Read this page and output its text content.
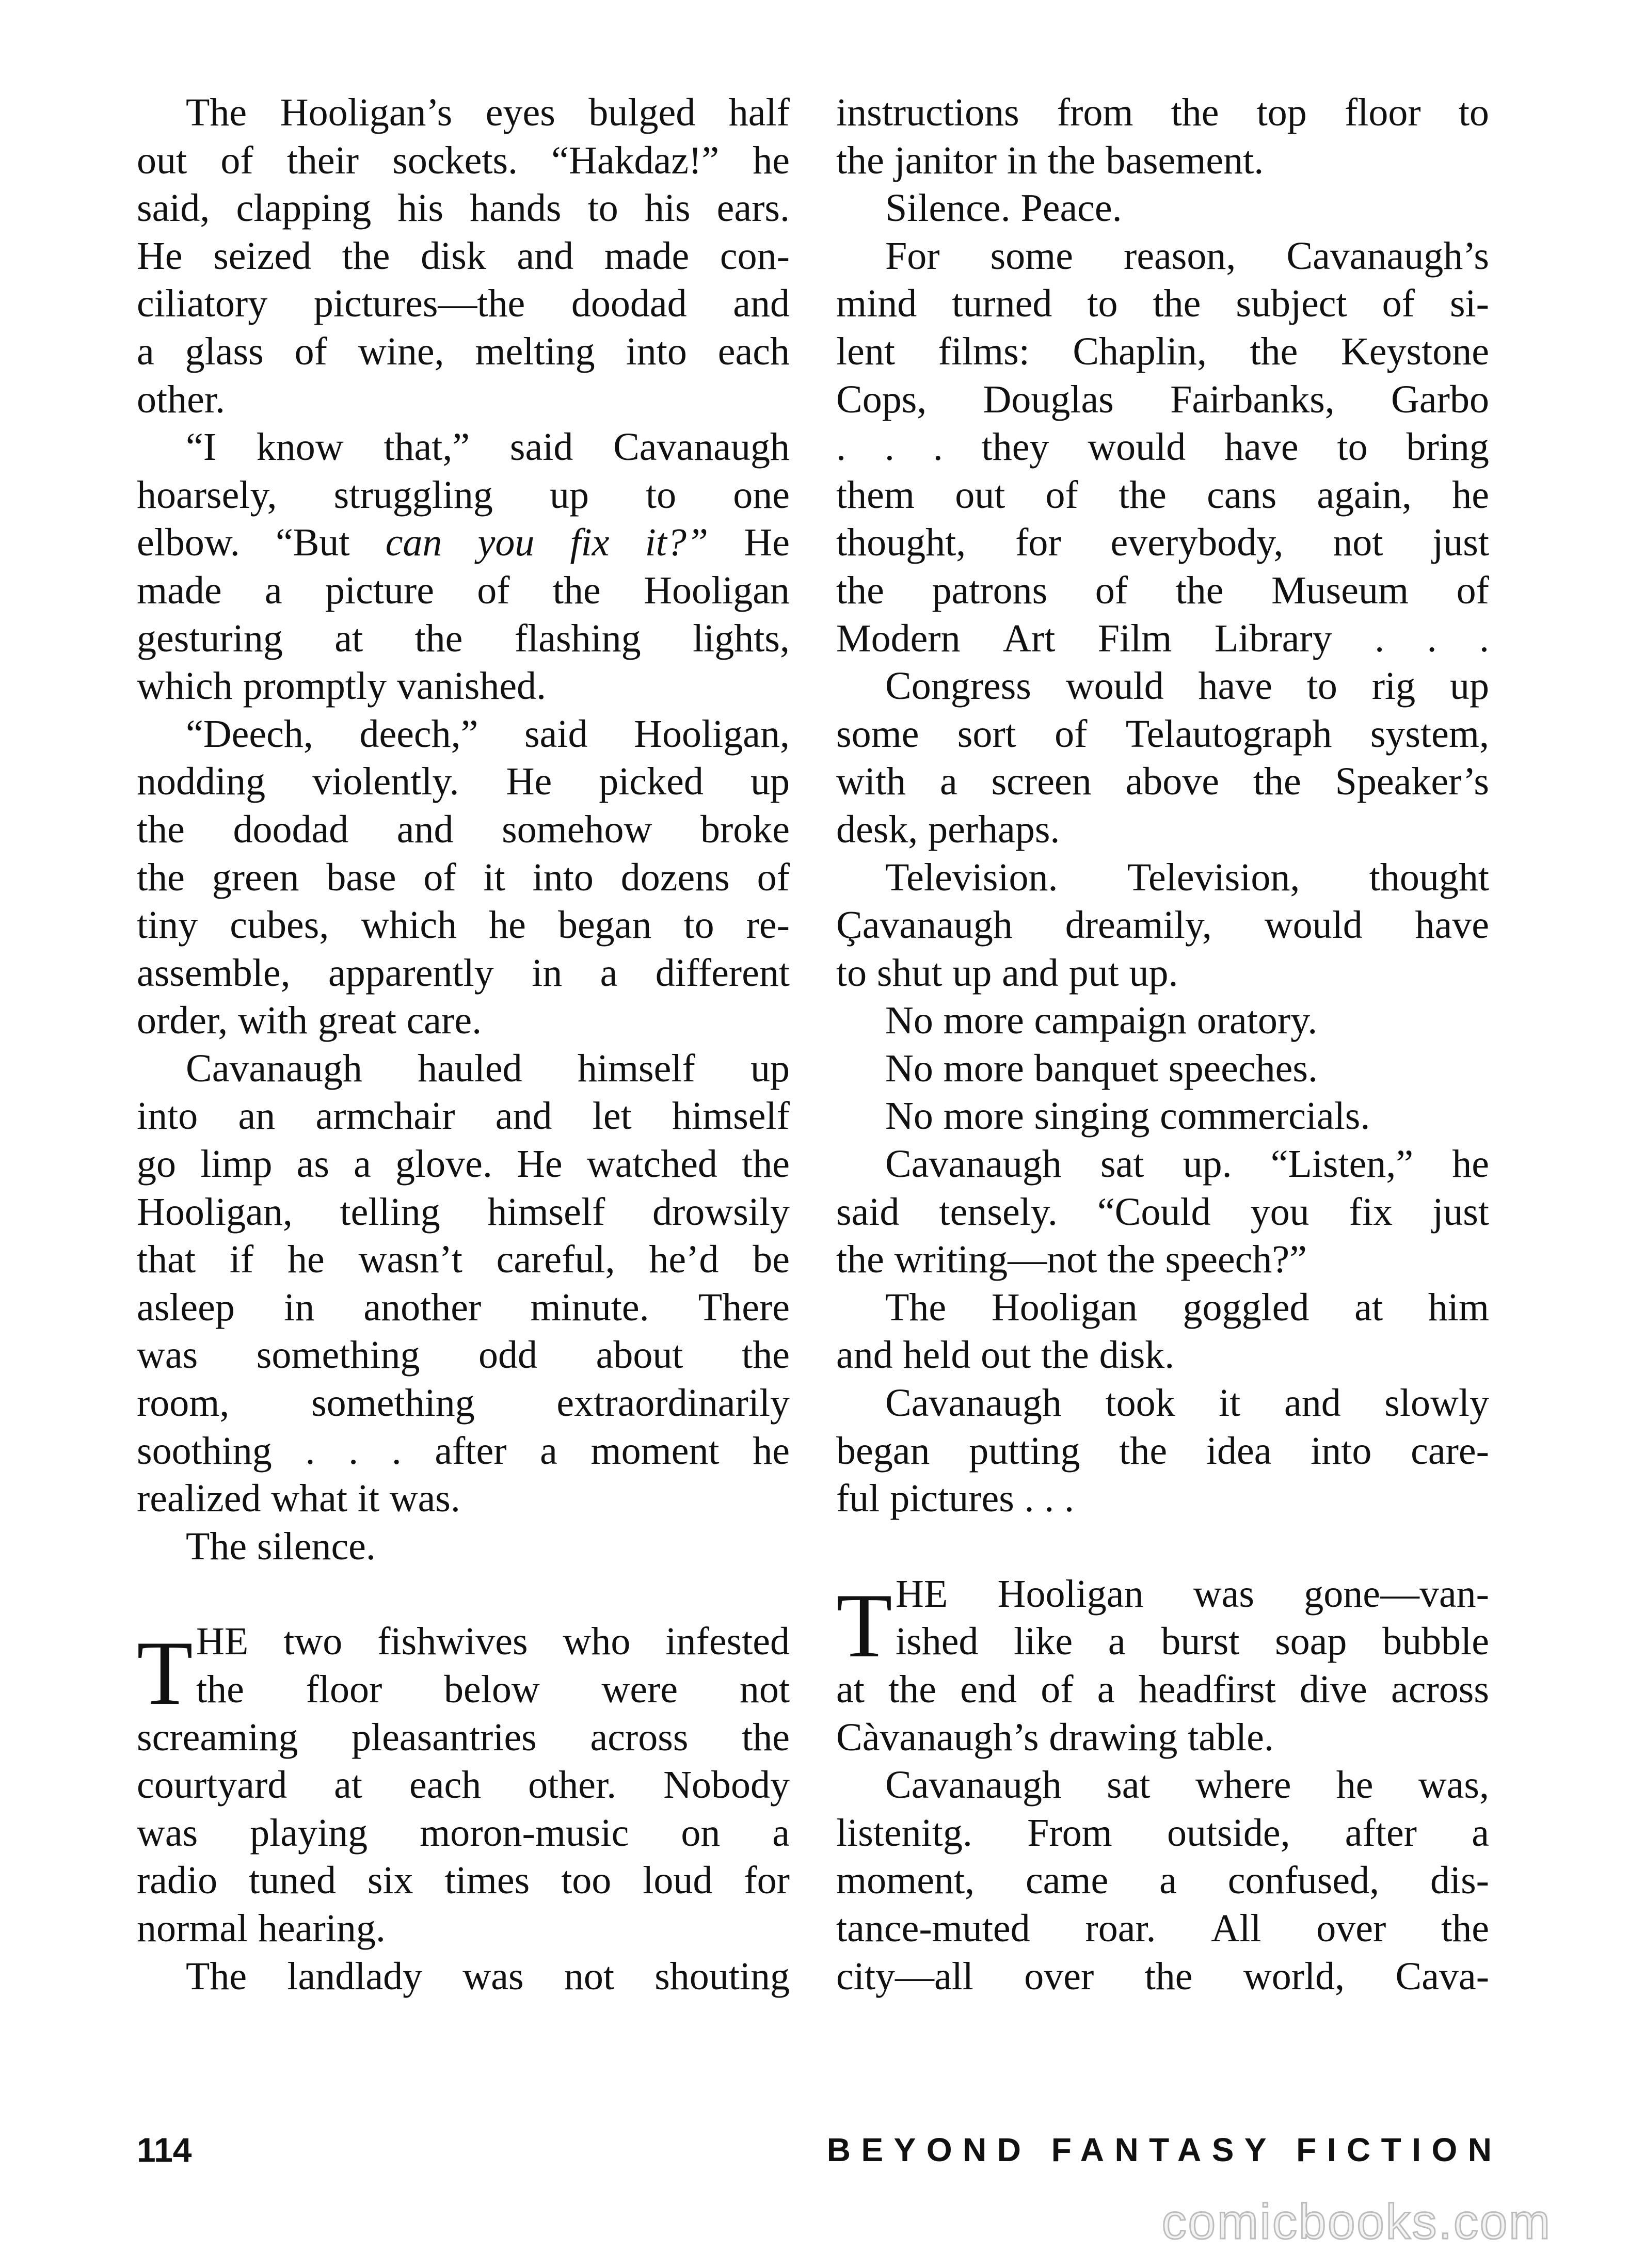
The Hooligan’s eyes bulged half
out of their sockets. “Hakdaz!” he
said, clapping his hands to his ears.
He seized the disk and made con-
ciliatory pictures—the doodad and
a glass of wine, melting into each
other.
“I know that,” said Cavanaugh
hoarsely, struggling up to one
elbow. “But can you fix it?” He
made a picture of the Hooligan
gesturing at the flashing lights,
which promptly vanished.
“Deech, deech,” said Hooligan,
nodding violently. He picked up
the doodad and somehow broke
the green base of it into dozens of
tiny cubes, which he began to re-
assemble, apparently in a different
order, with great care.
Cavanaugh hauled himself up
into an armchair and let himself
go limp as a glove. He watched the
Hooligan, telling himself drowsily
that if he wasn’t careful, he’d be
asleep in another minute. There
was something odd about the
room, something extraordinarily
soothing . . . after a moment he
realized what it was.
The silence.
T HE two fishwives who infested
the floor below were not
screaming pleasantries across the
courtyard at each other. Nobody
was playing moron-music on a
radio tuned six times too loud for
normal hearing.
The landlady was not shouting
instructions from the top floor to
the janitor in the basement.
Silence. Peace.
For some reason, Cavanaugh’s
mind turned to the subject of si-
lent films: Chaplin, the Keystone
Cops, Douglas Fairbanks, Garbo
. . . they would have to bring
them out of the cans again, he
thought, for everybody, not just
the patrons of the Museum of
Modern Art Film Library . . .
Congress would have to rig up
some sort of Telautograph system,
with a screen above the Speaker’s
desk, perhaps.
Television. Television, thought
Çavanaugh dreamily, would have
to shut up and put up.
No more campaign oratory.
No more banquet speeches.
No more singing commercials.
Cavanaugh sat up. “Listen,” he
said tensely. “Could you fix just
the writing—not the speech?”
The Hooligan goggled at him
and held out the disk.
Cavanaugh took it and slowly
began putting the idea into care-
ful pictures . . .
T HE Hooligan was gone—van-
ished like a burst soap bubble
at the end of a headfirst dive across
Càvanaugh’s drawing table.
Cavanaugh sat where he was,
listenitg. From outside, after a
moment, came a confused, dis-
tance-muted roar. All over the
city—all over the world, Cava-
114	BEYOND FANTASY FICTION
comicbooks.com
